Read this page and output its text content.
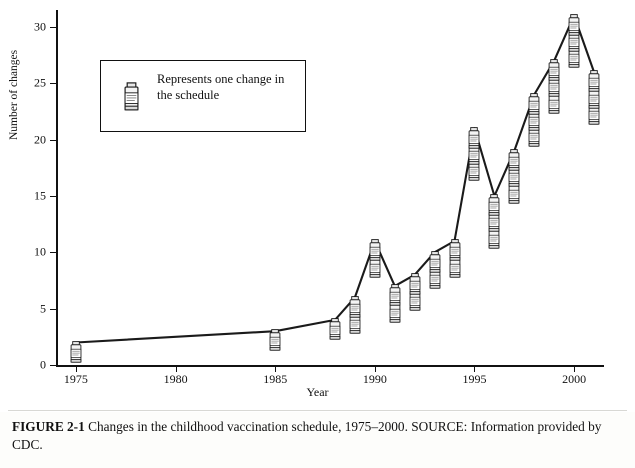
Number of changes
0
5
10
15
20
25
30
1975	1980	1985	1990	1995	2000
Represents one change in the schedule
Year
FIGURE 2-1 Changes in the childhood vaccination schedule, 1975–2000. SOURCE: Information provided by CDC.
